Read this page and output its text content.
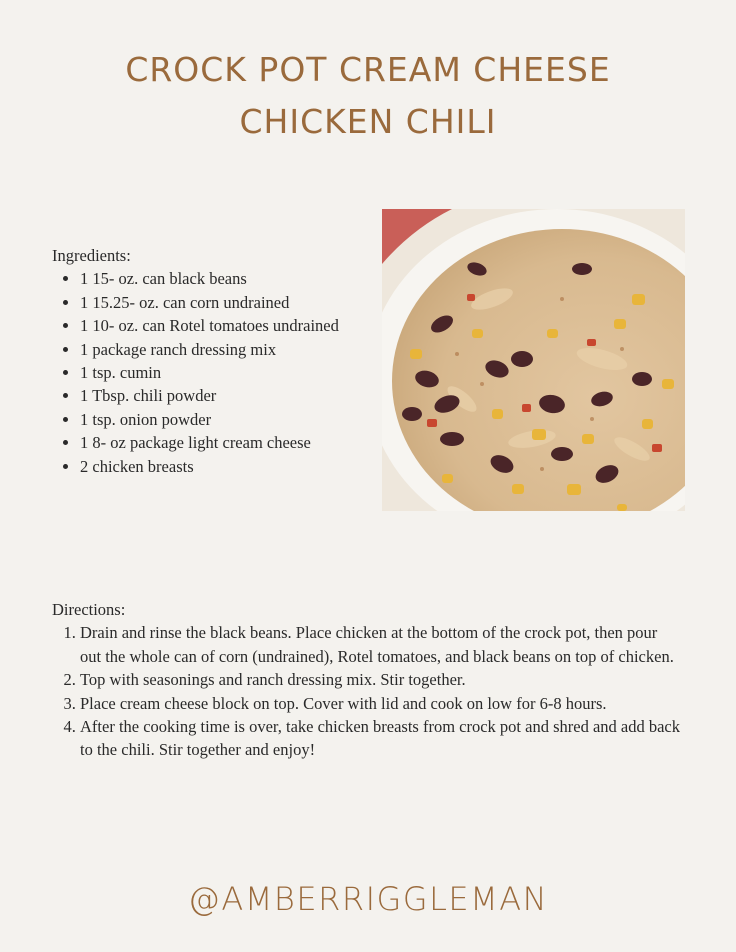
CROCK POT CREAM CHEESE
CHICKEN CHILI
Ingredients:
• 1 15- oz. can black beans
• 1 15.25- oz. can corn undrained
• 1 10- oz. can Rotel tomatoes undrained
• 1 package ranch dressing mix
• 1 tsp. cumin
• 1 Tbsp. chili powder
• 1 tsp. onion powder
• 1 8- oz package light cream cheese
• 2 chicken breasts
Directions:
1. Drain and rinse the black beans. Place chicken at the bottom of the crock pot, then pour out the whole can of corn (undrained), Rotel tomatoes, and black beans on top of chicken.
2. Top with seasonings and ranch dressing mix. Stir together.
3. Place cream cheese block on top. Cover with lid and cook on low for 6-8 hours.
4. After the cooking time is over, take chicken breasts from crock pot and shred and add back to the chili. Stir together and enjoy!
@AMBERRIGGLEMAN
